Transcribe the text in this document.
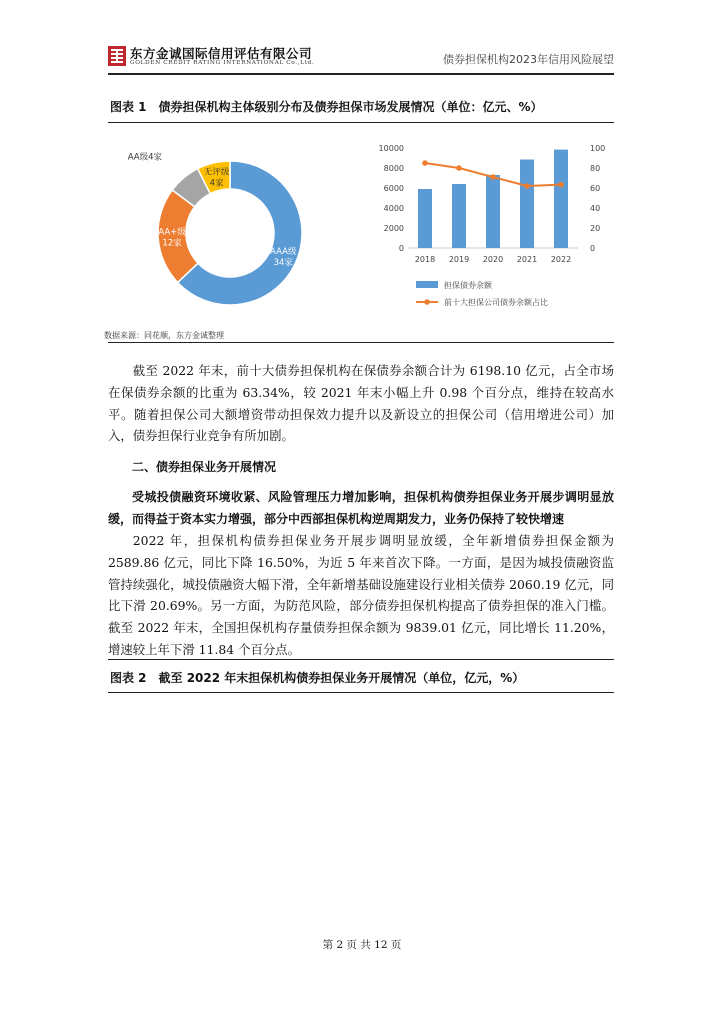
东方金诚国际信用评估有限公司
GOLDEN CREDIT RATING INTERNATIONAL Co.,Ltd.	债券担保机构2023年信用风险展望
图表 1　债券担保机构主体级别分布及债券担保市场发展情况（单位：亿元、%）
AAA级
34家
AA+级
12家
AA级4家
无评级
4家
0
2000
4000
6000
8000
10000
0
20
40
60
80
100
2018 2019 2020 2021 2022
担保债券余额
前十大担保公司债券余额占比
数据来源：同花顺，东方金诚整理
截至 2022 年末，前十大债券担保机构在保债券余额合计为 6198.10 亿元，占全市场在保债券余额的比重为 63.34%，较 2021 年末小幅上升 0.98 个百分点，维持在较高水平。随着担保公司大额增资带动担保效力提升以及新设立的担保公司（信用增进公司）加入，债券担保行业竞争有所加剧。
二、债券担保业务开展情况
受城投债融资环境收紧、风险管理压力增加影响，担保机构债券担保业务开展步调明显放缓，而得益于资本实力增强，部分中西部担保机构逆周期发力，业务仍保持了较快增速
2022 年，担保机构债券担保业务开展步调明显放缓，全年新增债券担保金额为 2589.86 亿元，同比下降 16.50%，为近 5 年来首次下降。一方面，是因为城投债融资监管持续强化，城投债融资大幅下滑，全年新增基础设施建设行业相关债券 2060.19 亿元，同比下滑 20.69%。另一方面，为防范风险，部分债券担保机构提高了债券担保的准入门槛。截至 2022 年末，全国担保机构存量债券担保余额为 9839.01 亿元，同比增长 11.20%，增速较上年下滑 11.84 个百分点。
图表 2　截至 2022 年末担保机构债券担保业务开展情况（单位，亿元，%）
第 2 页 共 12 页
